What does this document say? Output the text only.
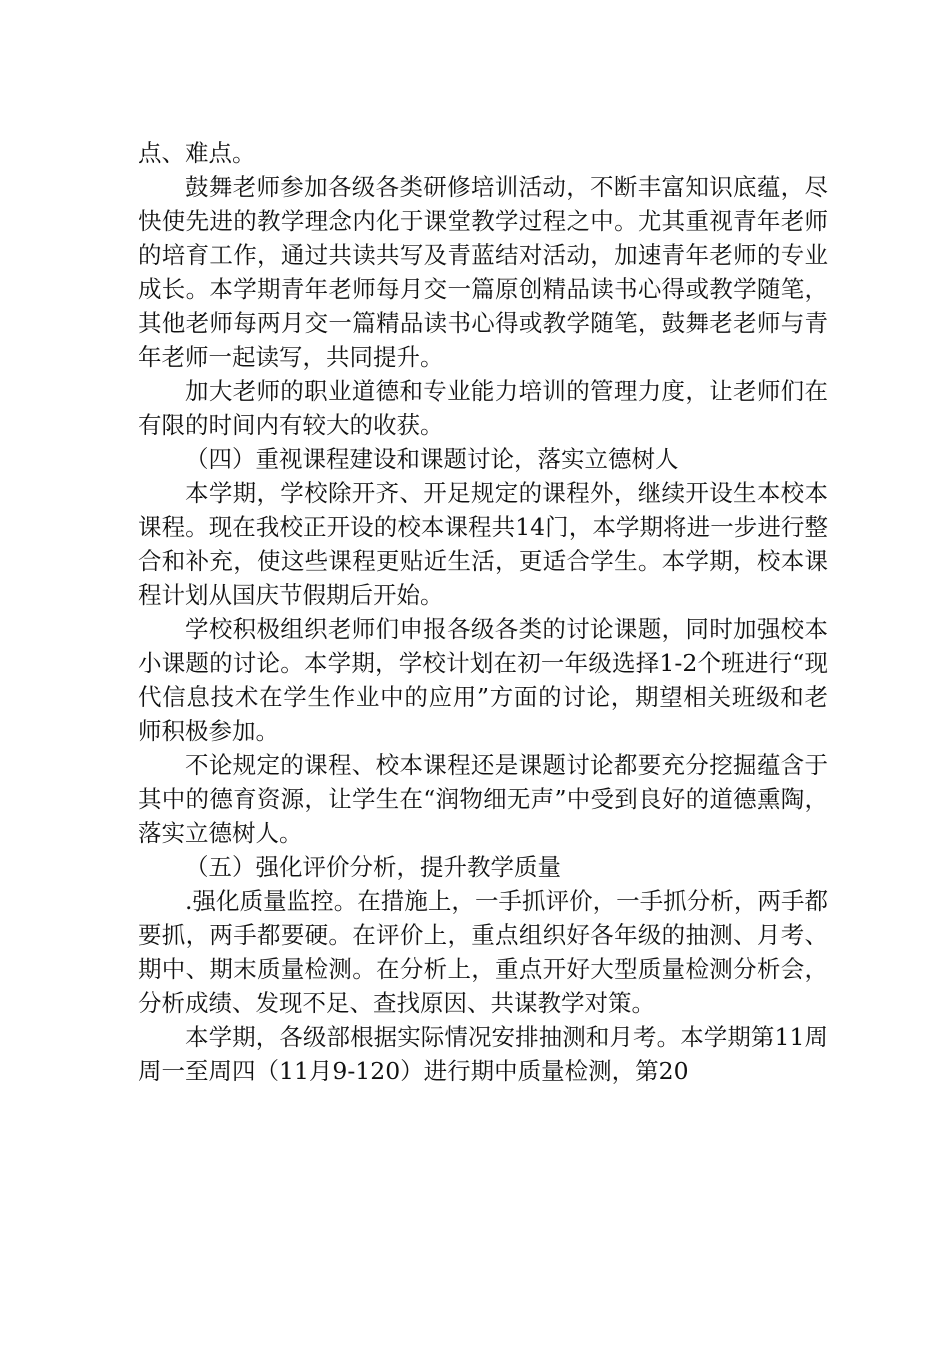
点、难点。

鼓舞老师参加各级各类研修培训活动，不断丰富知识底蕴，尽快使先进的教学理念内化于课堂教学过程之中。尤其重视青年老师的培育工作，通过共读共写及青蓝结对活动，加速青年老师的专业成长。本学期青年老师每月交一篇原创精品读书心得或教学随笔，其他老师每两月交一篇精品读书心得或教学随笔，鼓舞老老师与青年老师一起读写，共同提升。

加大老师的职业道德和专业能力培训的管理力度，让老师们在有限的时间内有较大的收获。

（四）重视课程建设和课题讨论，落实立德树人

本学期，学校除开齐、开足规定的课程外，继续开设生本校本课程。现在我校正开设的校本课程共14门，本学期将进一步进行整合和补充，使这些课程更贴近生活，更适合学生。本学期，校本课程计划从国庆节假期后开始。

学校积极组织老师们申报各级各类的讨论课题，同时加强校本小课题的讨论。本学期，学校计划在初一年级选择1-2个班进行“现代信息技术在学生作业中的应用”方面的讨论，期望相关班级和老师积极参加。

不论规定的课程、校本课程还是课题讨论都要充分挖掘蕴含于其中的德育资源，让学生在“润物细无声”中受到良好的道德熏陶，落实立德树人。

（五）强化评价分析，提升教学质量

.强化质量监控。在措施上，一手抓评价，一手抓分析，两手都要抓，两手都要硬。在评价上，重点组织好各年级的抽测、月考、期中、期末质量检测。在分析上，重点开好大型质量检测分析会，分析成绩、发现不足、查找原因、共谋教学对策。

本学期，各级部根据实际情况安排抽测和月考。本学期第11周周一至周四（11月9-120）进行期中质量检测，第20
